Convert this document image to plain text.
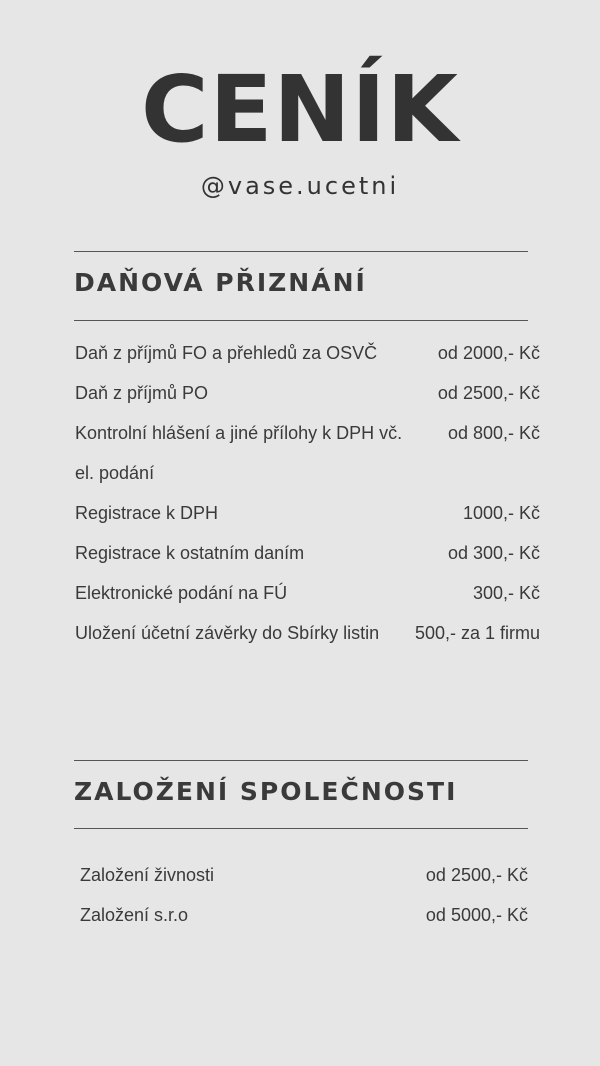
CENÍK
@vase.ucetni
DAŇOVÁ PŘIZNÁNÍ
Daň z příjmů FO a přehledů za OSVČ	od 2000,- Kč
Daň z příjmů PO	od 2500,- Kč
Kontrolní hlášení a jiné přílohy k DPH vč.	od 800,- Kč
el. podání
Registrace k DPH	1000,- Kč
Registrace k ostatním daním	od 300,- Kč
Elektronické podání na FÚ	300,- Kč
Uložení účetní závěrky do Sbírky listin 500,- za 1 firmu
ZALOŽENÍ SPOLEČNOSTI
Založení živnosti	od 2500,- Kč
Založení s.r.o	od 5000,- Kč
